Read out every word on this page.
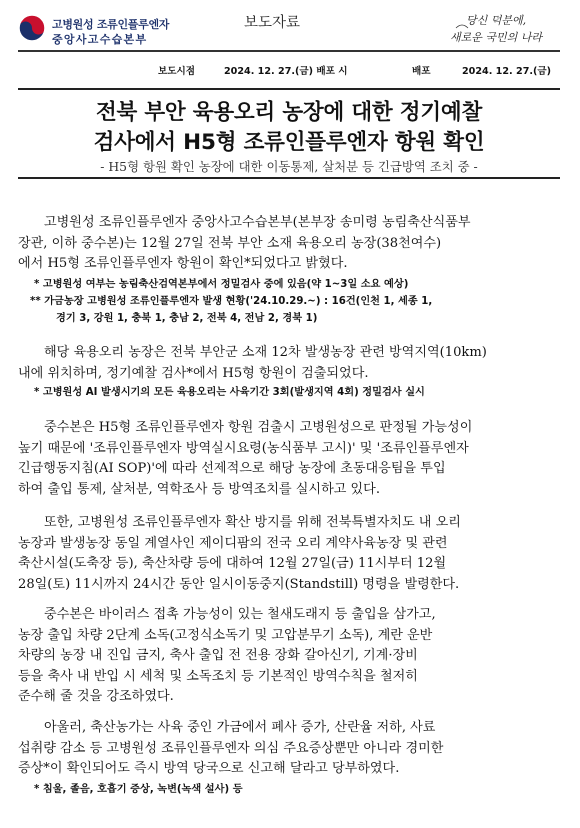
고병원성 조류인플루엔자
중앙사고수습본부
보도자료	당신 덕분에,
새로운 국민의 나라
보도시점	2024. 12. 27.(금) 배포 시	배포	2024. 12. 27.(금)
전북 부안 육용오리 농장에 대한 정기예찰
검사에서 H5형 조류인플루엔자 항원 확인
- H5형 항원 확인 농장에 대한 이동통제, 살처분 등 긴급방역 조치 중 -
고병원성 조류인플루엔자 중앙사고수습본부(본부장 송미령 농림축산식품부
장관, 이하 중수본)는 12월 27일 전북 부안 소재 육용오리 농장(38천여수)
에서 H5형 조류인플루엔자 항원이 확인*되었다고 밝혔다.
* 고병원성 여부는 농림축산검역본부에서 정밀검사 중에 있음(약 1~3일 소요 예상)
** 가금농장 고병원성 조류인플루엔자 발생 현황('24.10.29.~) : 16건(인천 1, 세종 1,
경기 3, 강원 1, 충북 1, 충남 2, 전북 4, 전남 2, 경북 1)
해당 육용오리 농장은 전북 부안군 소재 12차 발생농장 관련 방역지역(10km)
내에 위치하며, 정기예찰 검사*에서 H5형 항원이 검출되었다.
* 고병원성 AI 발생시기의 모든 육용오리는 사육기간 3회(발생지역 4회) 정밀검사 실시
중수본은 H5형 조류인플루엔자 항원 검출시 고병원성으로 판정될 가능성이
높기 때문에 '조류인플루엔자 방역실시요령(농식품부 고시)' 및 '조류인플루엔자
긴급행동지침(AI SOP)'에 따라 선제적으로 해당 농장에 초동대응팀을 투입
하여 출입 통제, 살처분, 역학조사 등 방역조치를 실시하고 있다.
또한, 고병원성 조류인플루엔자 확산 방지를 위해 전북특별자치도 내 오리
농장과 발생농장 동일 계열사인 제이디팜의 전국 오리 계약사육농장 및 관련
축산시설(도축장 등), 축산차량 등에 대하여 12월 27일(금) 11시부터 12월
28일(토) 11시까지 24시간 동안 일시이동중지(Standstill) 명령을 발령한다.
중수본은 바이러스 접촉 가능성이 있는 철새도래지 등 출입을 삼가고,
농장 출입 차량 2단계 소독(고정식소독기 및 고압분무기 소독), 계란 운반
차량의 농장 내 진입 금지, 축사 출입 전 전용 장화 갈아신기, 기계·장비
등을 축사 내 반입 시 세척 및 소독조치 등 기본적인 방역수칙을 철저히
준수해 줄 것을 강조하였다.
아울러, 축산농가는 사육 중인 가금에서 폐사 증가, 산란율 저하, 사료
섭취량 감소 등 고병원성 조류인플루엔자 의심 주요증상뿐만 아니라 경미한
증상*이 확인되어도 즉시 방역 당국으로 신고해 달라고 당부하였다.
* 침울, 졸음, 호흡기 증상, 녹변(녹색 설사) 등
